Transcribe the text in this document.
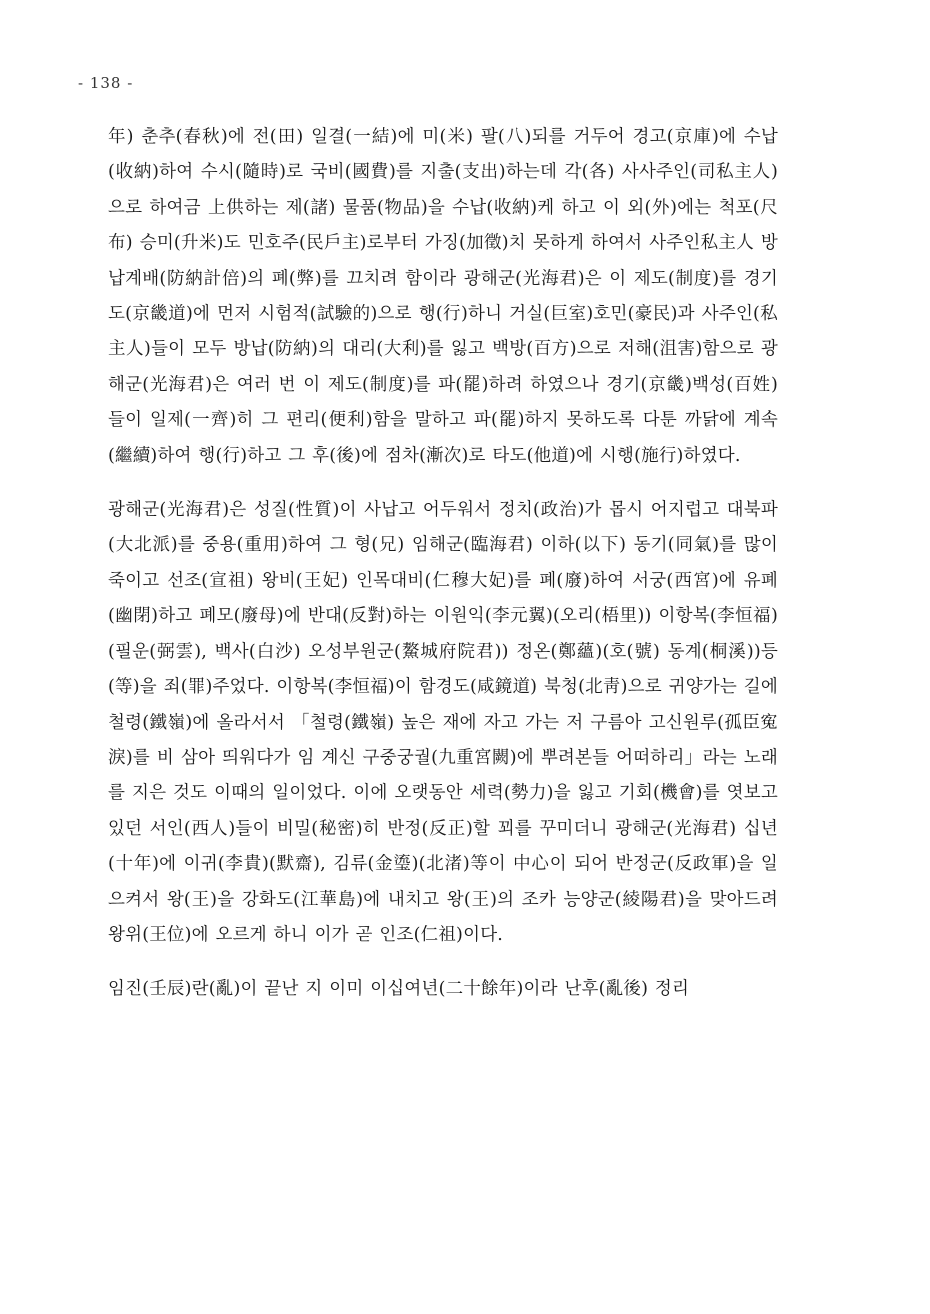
- 138 -

年) 춘추(春秋)에 전(田) 일결(一結)에 미(米) 팔(八)되를 거두어 경고(京庫)에 수납(收納)하여 수시(隨時)로 국비(國費)를 지출(支出)하는데 각(各) 사사주인(司私主人)으로 하여금 上供하는 제(諸) 물품(物品)을 수납(收納)케 하고 이 외(外)에는 척포(尺布) 승미(升米)도 민호주(民戶主)로부터 가징(加徵)치 못하게 하여서 사주인私主人 방납계배(防納計倍)의 폐(弊)를 끄치려 함이라 광해군(光海君)은 이 제도(制度)를 경기도(京畿道)에 먼저 시험적(試驗的)으로 행(行)하니 거실(巨室)호민(豪民)과 사주인(私主人)들이 모두 방납(防納)의 대리(大利)를 잃고 백방(百方)으로 저해(沮害)함으로 광해군(光海君)은 여러 번 이 제도(制度)를 파(罷)하려 하였으나 경기(京畿)백성(百姓)들이 일제(一齊)히 그 편리(便利)함을 말하고 파(罷)하지 못하도록 다툰 까닭에 계속(繼續)하여 행(行)하고 그 후(後)에 점차(漸次)로 타도(他道)에 시행(施行)하였다.

광해군(光海君)은 성질(性質)이 사납고 어두워서 정치(政治)가 몹시 어지럽고 대북파(大北派)를 중용(重用)하여 그 형(兄) 임해군(臨海君) 이하(以下) 동기(同氣)를 많이 죽이고 선조(宣祖) 왕비(王妃) 인목대비(仁穆大妃)를 폐(廢)하여 서궁(西宮)에 유폐(幽閉)하고 폐모(廢母)에 반대(反對)하는 이원익(李元翼)(오리(梧里)) 이항복(李恒福)(필운(弼雲), 백사(白沙) 오성부원군(鰲城府院君)) 정온(鄭蘊)(호(號) 동계(桐溪))등(等)을 죄(罪)주었다. 이항복(李恒福)이 함경도(咸鏡道) 북청(北靑)으로 귀양가는 길에 철령(鐵嶺)에 올라서서 「철령(鐵嶺) 높은 재에 자고 가는 저 구름아 고신원루(孤臣寃淚)를 비 삼아 띄워다가 임 계신 구중궁궐(九重宮闕)에 뿌려본들 어떠하리」라는 노래를 지은 것도 이때의 일이었다. 이에 오랫동안 세력(勢力)을 잃고 기회(機會)를 엿보고 있던 서인(西人)들이 비밀(秘密)히 반정(反正)할 꾀를 꾸미더니 광해군(光海君) 십년(十年)에 이귀(李貴)(默齋), 김류(金瑬)(北渚)等이 中心이 되어 반정군(反政軍)을 일으켜서 왕(王)을 강화도(江華島)에 내치고 왕(王)의 조카 능양군(綾陽君)을 맞아드려 왕위(王位)에 오르게 하니 이가 곧 인조(仁祖)이다.

임진(壬辰)란(亂)이 끝난 지 이미 이십여년(二十餘年)이라 난후(亂後) 정리
